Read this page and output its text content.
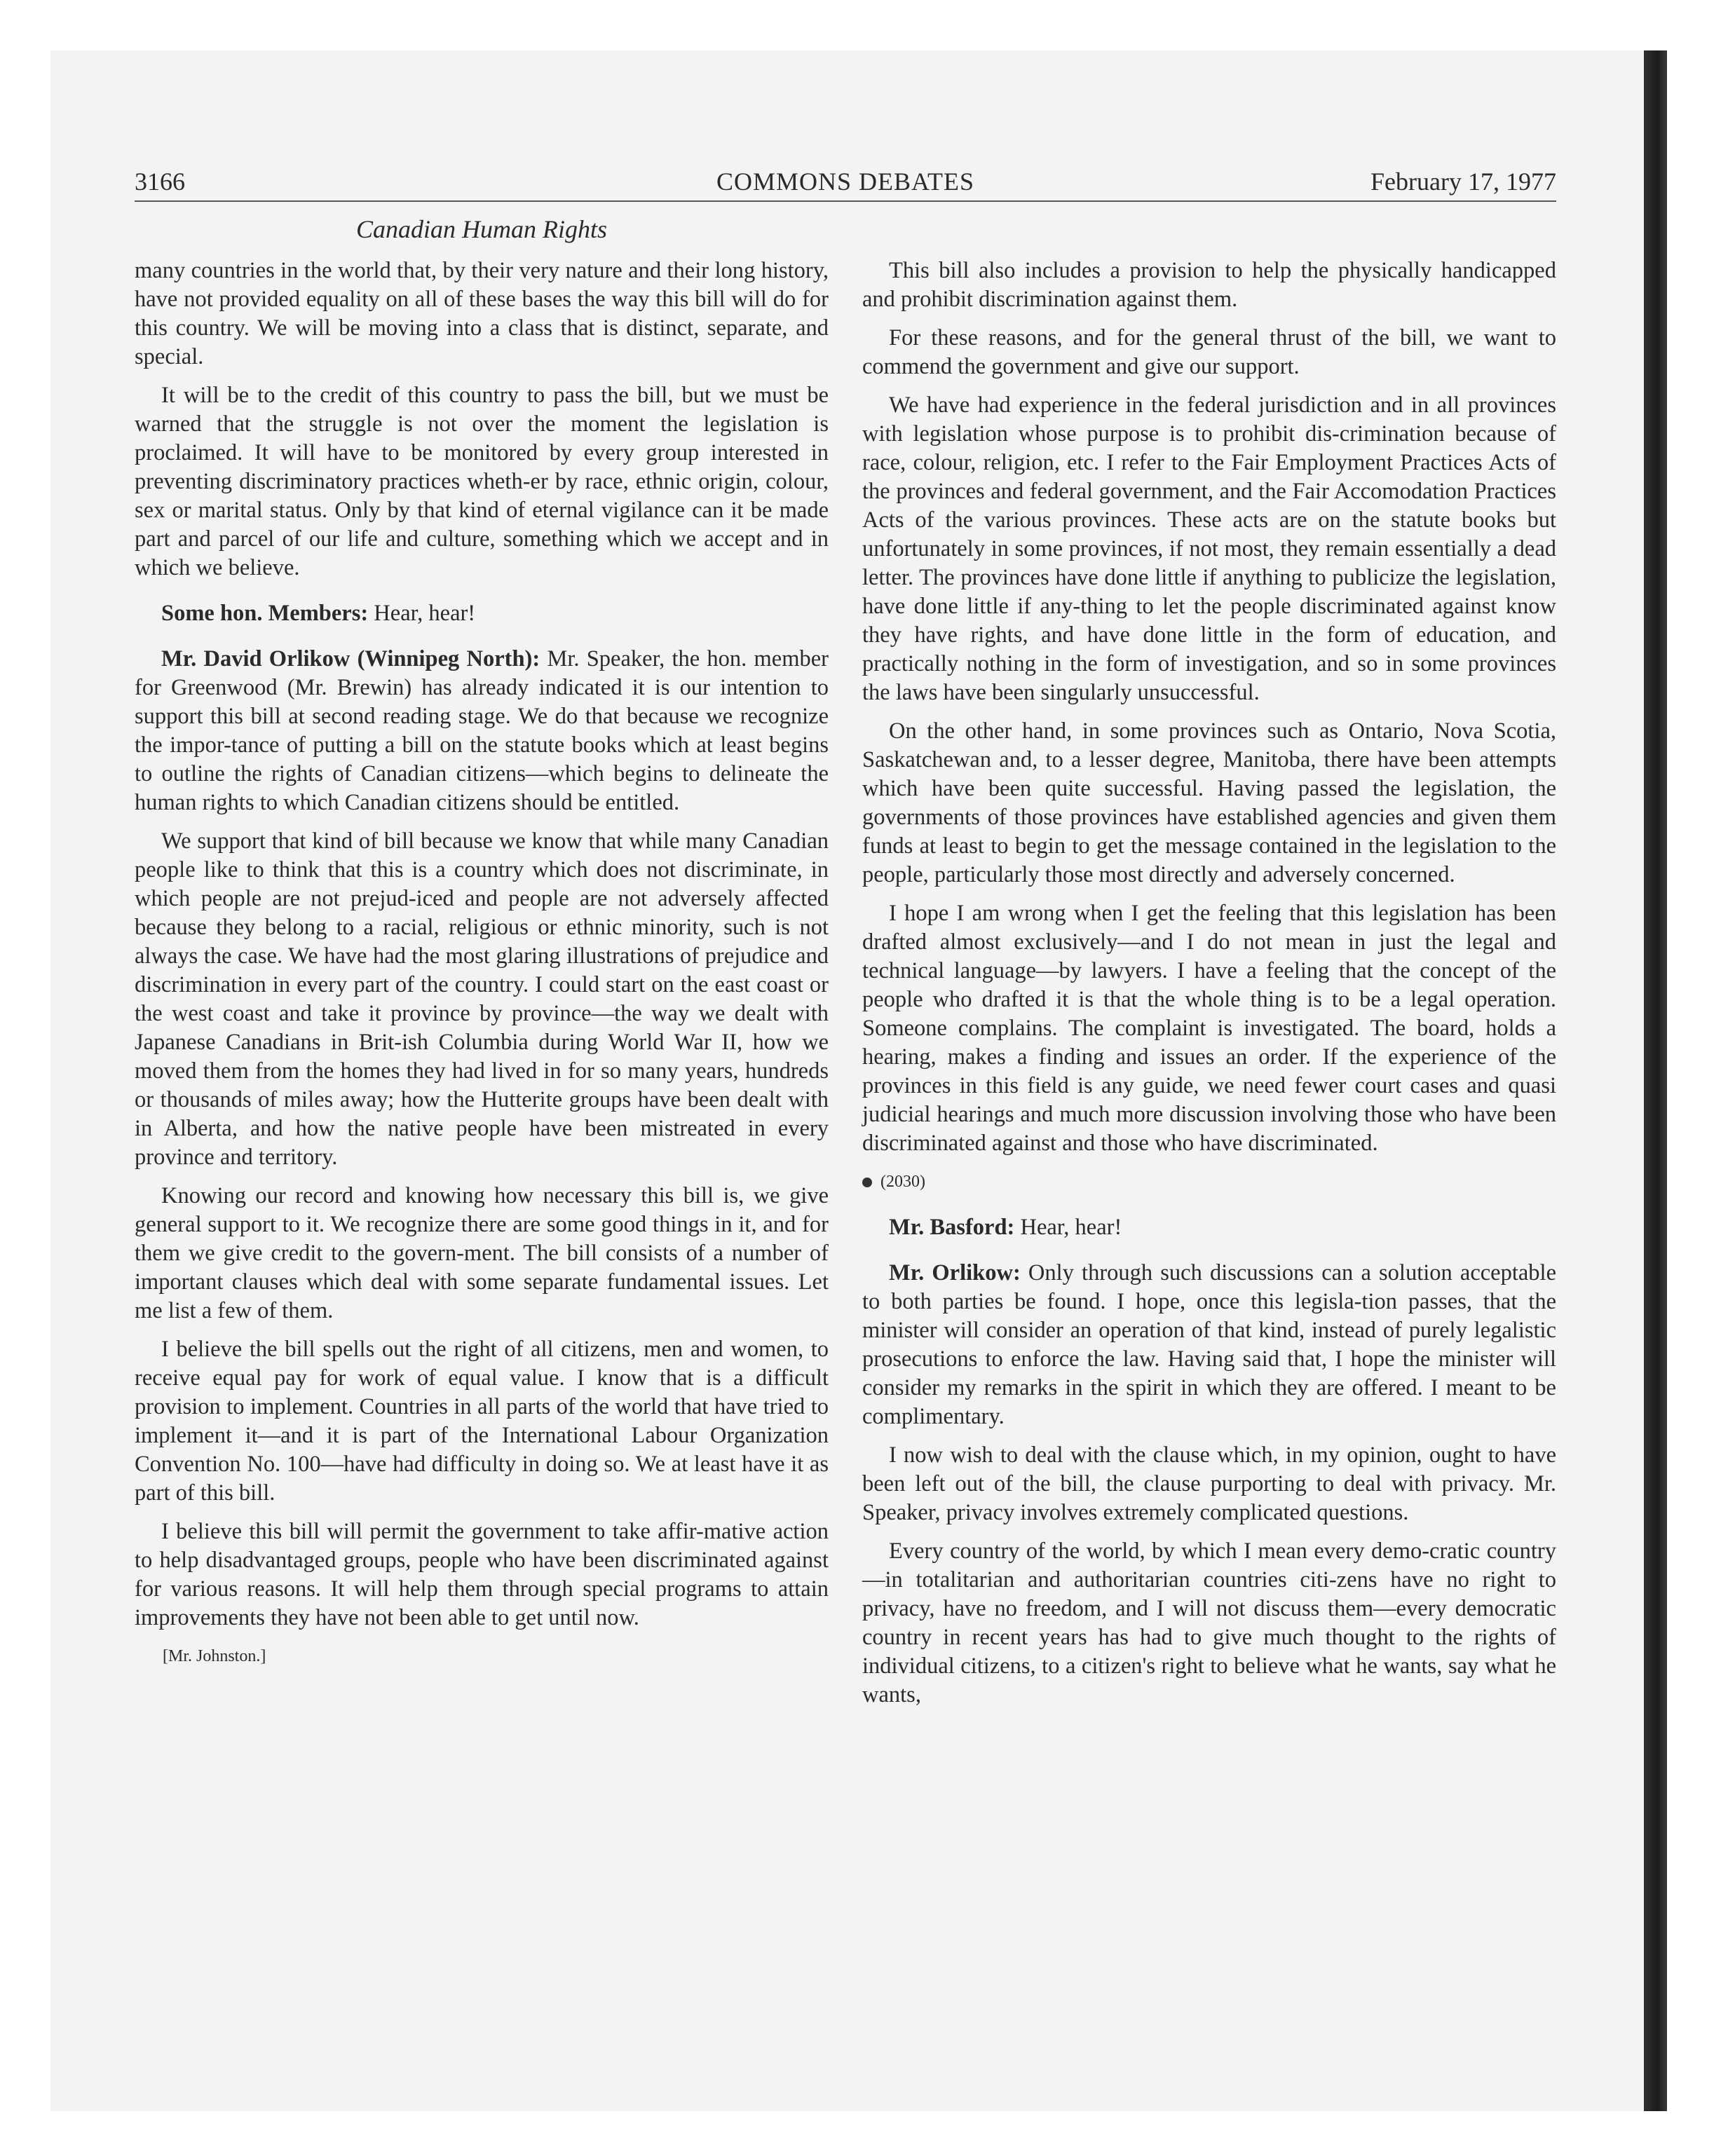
3166	COMMONS DEBATES	February 17, 1977
Canadian Human Rights

many countries in the world that, by their very nature and their long history, have not provided equality on all of these bases the way this bill will do for this country. We will be moving into a class that is distinct, separate, and special.

It will be to the credit of this country to pass the bill, but we must be warned that the struggle is not over the moment the legislation is proclaimed. It will have to be monitored by every group interested in preventing discriminatory practices wheth-er by race, ethnic origin, colour, sex or marital status. Only by that kind of eternal vigilance can it be made part and parcel of our life and culture, something which we accept and in which we believe.

Some hon. Members: Hear, hear!

Mr. David Orlikow (Winnipeg North): Mr. Speaker, the hon. member for Greenwood (Mr. Brewin) has already indicated it is our intention to support this bill at second reading stage. We do that because we recognize the impor-tance of putting a bill on the statute books which at least begins to outline the rights of Canadian citizens—which begins to delineate the human rights to which Canadian citizens should be entitled.

We support that kind of bill because we know that while many Canadian people like to think that this is a country which does not discriminate, in which people are not prejud-iced and people are not adversely affected because they belong to a racial, religious or ethnic minority, such is not always the case. We have had the most glaring illustrations of prejudice and discrimination in every part of the country. I could start on the east coast or the west coast and take it province by province—the way we dealt with Japanese Canadians in Brit-ish Columbia during World War II, how we moved them from the homes they had lived in for so many years, hundreds or thousands of miles away; how the Hutterite groups have been dealt with in Alberta, and how the native people have been mistreated in every province and territory.

Knowing our record and knowing how necessary this bill is, we give general support to it. We recognize there are some good things in it, and for them we give credit to the govern-ment. The bill consists of a number of important clauses which deal with some separate fundamental issues. Let me list a few of them.

I believe the bill spells out the right of all citizens, men and women, to receive equal pay for work of equal value. I know that is a difficult provision to implement. Countries in all parts of the world that have tried to implement it—and it is part of the International Labour Organization Convention No. 100—have had difficulty in doing so. We at least have it as part of this bill.

I believe this bill will permit the government to take affir-mative action to help disadvantaged groups, people who have been discriminated against for various reasons. It will help them through special programs to attain improvements they have not been able to get until now.

[Mr. Johnston.]

This bill also includes a provision to help the physically handicapped and prohibit discrimination against them.

For these reasons, and for the general thrust of the bill, we want to commend the government and give our support.

We have had experience in the federal jurisdiction and in all provinces with legislation whose purpose is to prohibit dis-crimination because of race, colour, religion, etc. I refer to the Fair Employment Practices Acts of the provinces and federal government, and the Fair Accomodation Practices Acts of the various provinces. These acts are on the statute books but unfortunately in some provinces, if not most, they remain essentially a dead letter. The provinces have done little if anything to publicize the legislation, have done little if any-thing to let the people discriminated against know they have rights, and have done little in the form of education, and practically nothing in the form of investigation, and so in some provinces the laws have been singularly unsuccessful.

On the other hand, in some provinces such as Ontario, Nova Scotia, Saskatchewan and, to a lesser degree, Manitoba, there have been attempts which have been quite successful. Having passed the legislation, the governments of those provinces have established agencies and given them funds at least to begin to get the message contained in the legislation to the people, particularly those most directly and adversely concerned.

I hope I am wrong when I get the feeling that this legislation has been drafted almost exclusively—and I do not mean in just the legal and technical language—by lawyers. I have a feeling that the concept of the people who drafted it is that the whole thing is to be a legal operation. Someone complains. The complaint is investigated. The board, holds a hearing, makes a finding and issues an order. If the experience of the provinces in this field is any guide, we need fewer court cases and quasi judicial hearings and much more discussion involving those who have been discriminated against and those who have discriminated.

(2030)

Mr. Basford: Hear, hear!

Mr. Orlikow: Only through such discussions can a solution acceptable to both parties be found. I hope, once this legisla-tion passes, that the minister will consider an operation of that kind, instead of purely legalistic prosecutions to enforce the law. Having said that, I hope the minister will consider my remarks in the spirit in which they are offered. I meant to be complimentary.

I now wish to deal with the clause which, in my opinion, ought to have been left out of the bill, the clause purporting to deal with privacy. Mr. Speaker, privacy involves extremely complicated questions.

Every country of the world, by which I mean every demo-cratic country—in totalitarian and authoritarian countries citi-zens have no right to privacy, have no freedom, and I will not discuss them—every democratic country in recent years has had to give much thought to the rights of individual citizens, to a citizen's right to believe what he wants, say what he wants,
